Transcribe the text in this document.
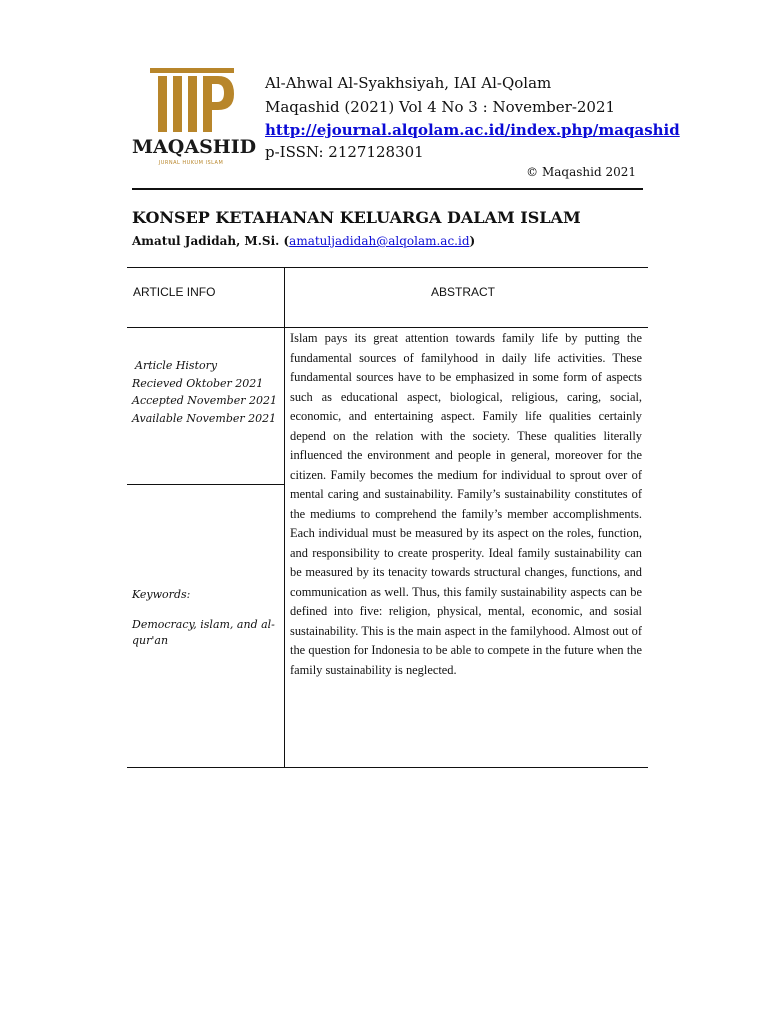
MAQASHID
JURNAL HUKUM ISLAM
Al-Ahwal Al-Syakhsiyah, IAI Al-Qolam
Maqashid (2021) Vol 4 No 3 : November-2021
http://ejournal.alqolam.ac.id/index.php/maqashid
p-ISSN: 2127128301
© Maqashid 2021
KONSEP KETAHANAN KELUARGA DALAM ISLAM
Amatul Jadidah, M.Si. (amatuljadidah@alqolam.ac.id)
ARTICLE INFO	ABSTRACT
Article History
Recieved Oktober 2021
Accepted November 2021
Available November 2021
Keywords:
Democracy, islam, and al-qur'an
Islam pays its great attention towards family life by putting the fundamental sources of familyhood in daily life activities. These fundamental sources have to be emphasized in some form of aspects such as educational aspect, biological, religious, caring, social, economic, and entertaining aspect. Family life qualities certainly depend on the relation with the society. These qualities literally influenced the environment and people in general, moreover for the citizen. Family becomes the medium for individual to sprout over of mental caring and sustainability. Family’s sustainability constitutes of the mediums to comprehend the family’s member accomplishments. Each individual must be measured by its aspect on the roles, function, and responsibility to create prosperity. Ideal family sustainability can be measured by its tenacity towards structural changes, functions, and communication as well. Thus, this family sustainability aspects can be defined into five: religion, physical, mental, economic, and sosial sustainability. This is the main aspect in the familyhood. Almost out of the question for Indonesia to be able to compete in the future when the family sustainability is neglected.
